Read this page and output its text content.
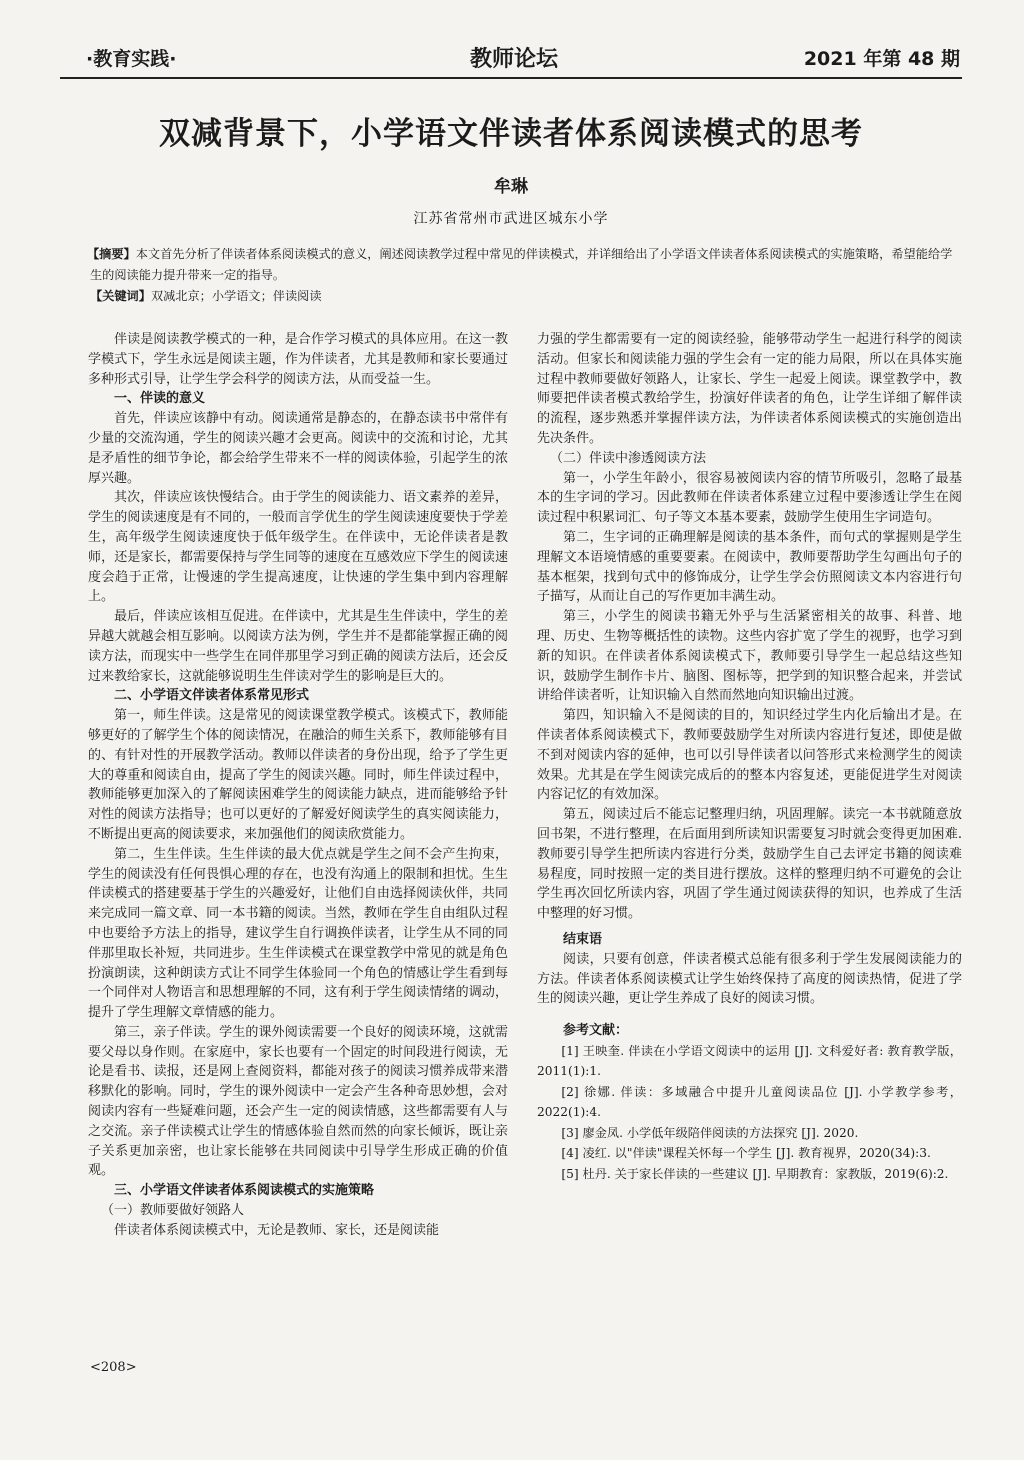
·教育实践·	教师论坛	2021 年第 48 期
双减背景下，小学语文伴读者体系阅读模式的思考
牟琳
江苏省常州市武进区城东小学
【摘要】本文首先分析了伴读者体系阅读模式的意义，阐述阅读教学过程中常见的伴读模式，并详细给出了小学语文伴读者体系阅读模式的实施策略，希望能给学生的阅读能力提升带来一定的指导。
【关键词】双减北京；小学语文；伴读阅读

伴读是阅读教学模式的一种，是合作学习模式的具体应用。在这一教学模式下，学生永远是阅读主题，作为伴读者，尤其是教师和家长要通过多种形式引导，让学生学会科学的阅读方法，从而受益一生。

一、伴读的意义

首先，伴读应该静中有动。阅读通常是静态的，在静态读书中常伴有少量的交流沟通，学生的阅读兴趣才会更高。阅读中的交流和讨论，尤其是矛盾性的细节争论，都会给学生带来不一样的阅读体验，引起学生的浓厚兴趣。

其次，伴读应该快慢结合。由于学生的阅读能力、语文素养的差异，学生的阅读速度是有不同的，一般而言学优生的学生阅读速度要快于学差生，高年级学生阅读速度快于低年级学生。在伴读中，无论伴读者是教师，还是家长，都需要保持与学生同等的速度在互感效应下学生的阅读速度会趋于正常，让慢速的学生提高速度，让快速的学生集中到内容理解上。

最后，伴读应该相互促进。在伴读中，尤其是生生伴读中，学生的差异越大就越会相互影响。以阅读方法为例，学生并不是都能掌握正确的阅读方法，而现实中一些学生在同伴那里学习到正确的阅读方法后，还会反过来教给家长，这就能够说明生生伴读对学生的影响是巨大的。

二、小学语文伴读者体系常见形式

第一，师生伴读。这是常见的阅读课堂教学模式。该模式下，教师能够更好的了解学生个体的阅读情况，在融洽的师生关系下，教师能够有目的、有针对性的开展教学活动。教师以伴读者的身份出现，给予了学生更大的尊重和阅读自由，提高了学生的阅读兴趣。同时，师生伴读过程中，教师能够更加深入的了解阅读困难学生的阅读能力缺点，进而能够给予针对性的阅读方法指导；也可以更好的了解爱好阅读学生的真实阅读能力，不断提出更高的阅读要求，来加强他们的阅读欣赏能力。

第二，生生伴读。生生伴读的最大优点就是学生之间不会产生拘束，学生的阅读没有任何畏惧心理的存在，也没有沟通上的限制和担忧。生生伴读模式的搭建要基于学生的兴趣爱好，让他们自由选择阅读伙伴，共同来完成同一篇文章、同一本书籍的阅读。当然，教师在学生自由组队过程中也要给予方法上的指导，建议学生自行调换伴读者，让学生从不同的同伴那里取长补短，共同进步。生生伴读模式在课堂教学中常见的就是角色扮演朗读，这种朗读方式让不同学生体验同一个角色的情感让学生看到每一个同伴对人物语言和思想理解的不同，这有利于学生阅读情绪的调动，提升了学生理解文章情感的能力。

第三，亲子伴读。学生的课外阅读需要一个良好的阅读环境，这就需要父母以身作则。在家庭中，家长也要有一个固定的时间段进行阅读，无论是看书、读报，还是网上查阅资料，都能对孩子的阅读习惯养成带来潜移默化的影响。同时，学生的课外阅读中一定会产生各种奇思妙想，会对阅读内容有一些疑难问题，还会产生一定的阅读情感，这些都需要有人与之交流。亲子伴读模式让学生的情感体验自然而然的向家长倾诉，既让亲子关系更加亲密，也让家长能够在共同阅读中引导学生形成正确的价值观。

三、小学语文伴读者体系阅读模式的实施策略
（一）教师要做好领路人

伴读者体系阅读模式中，无论是教师、家长，还是阅读能

力强的学生都需要有一定的阅读经验，能够带动学生一起进行科学的阅读活动。但家长和阅读能力强的学生会有一定的能力局限，所以在具体实施过程中教师要做好领路人，让家长、学生一起爱上阅读。课堂教学中，教师要把伴读者模式教给学生，扮演好伴读者的角色，让学生详细了解伴读的流程，逐步熟悉并掌握伴读方法，为伴读者体系阅读模式的实施创造出先决条件。

（二）伴读中渗透阅读方法

第一，小学生年龄小，很容易被阅读内容的情节所吸引，忽略了最基本的生字词的学习。因此教师在伴读者体系建立过程中要渗透让学生在阅读过程中积累词汇、句子等文本基本要素，鼓励学生使用生字词造句。

第二，生字词的正确理解是阅读的基本条件，而句式的掌握则是学生理解文本语境情感的重要要素。在阅读中，教师要帮助学生勾画出句子的基本框架，找到句式中的修饰成分，让学生学会仿照阅读文本内容进行句子描写，从而让自己的写作更加丰满生动。

第三，小学生的阅读书籍无外乎与生活紧密相关的故事、科普、地理、历史、生物等概括性的读物。这些内容扩宽了学生的视野，也学习到新的知识。在伴读者体系阅读模式下，教师要引导学生一起总结这些知识，鼓励学生制作卡片、脑图、图标等，把学到的知识整合起来，并尝试讲给伴读者听，让知识输入自然而然地向知识输出过渡。

第四，知识输入不是阅读的目的，知识经过学生内化后输出才是。在伴读者体系阅读模式下，教师要鼓励学生对所读内容进行复述，即使是做不到对阅读内容的延伸，也可以引导伴读者以问答形式来检测学生的阅读效果。尤其是在学生阅读完成后的的整本内容复述，更能促进学生对阅读内容记忆的有效加深。

第五，阅读过后不能忘记整理归纳，巩固理解。读完一本书就随意放回书架，不进行整理，在后面用到所读知识需要复习时就会变得更加困难.教师要引导学生把所读内容进行分类，鼓励学生自己去评定书籍的阅读难易程度，同时按照一定的类目进行摆放。这样的整理归纳不可避免的会让学生再次回忆所读内容，巩固了学生通过阅读获得的知识，也养成了生活中整理的好习惯。

结束语

阅读，只要有创意，伴读者模式总能有很多利于学生发展阅读能力的方法。伴读者体系阅读模式让学生始终保持了高度的阅读热情，促进了学生的阅读兴趣，更让学生养成了良好的阅读习惯。

参考文献：
[1] 王映奎. 伴读在小学语文阅读中的运用 [J]. 文科爱好者: 教育教学版，2011(1):1.
[2] 徐娜. 伴读：多域融合中提升儿童阅读品位 [J]. 小学教学参考，2022(1):4.
[3] 廖金凤. 小学低年级陪伴阅读的方法探究 [J]. 2020.
[4] 凌红. 以"伴读"课程关怀每一个学生 [J]. 教育视界，2020(34):3.
[5] 杜丹. 关于家长伴读的一些建议 [J]. 早期教育：家教版，2019(6):2.
<208>
